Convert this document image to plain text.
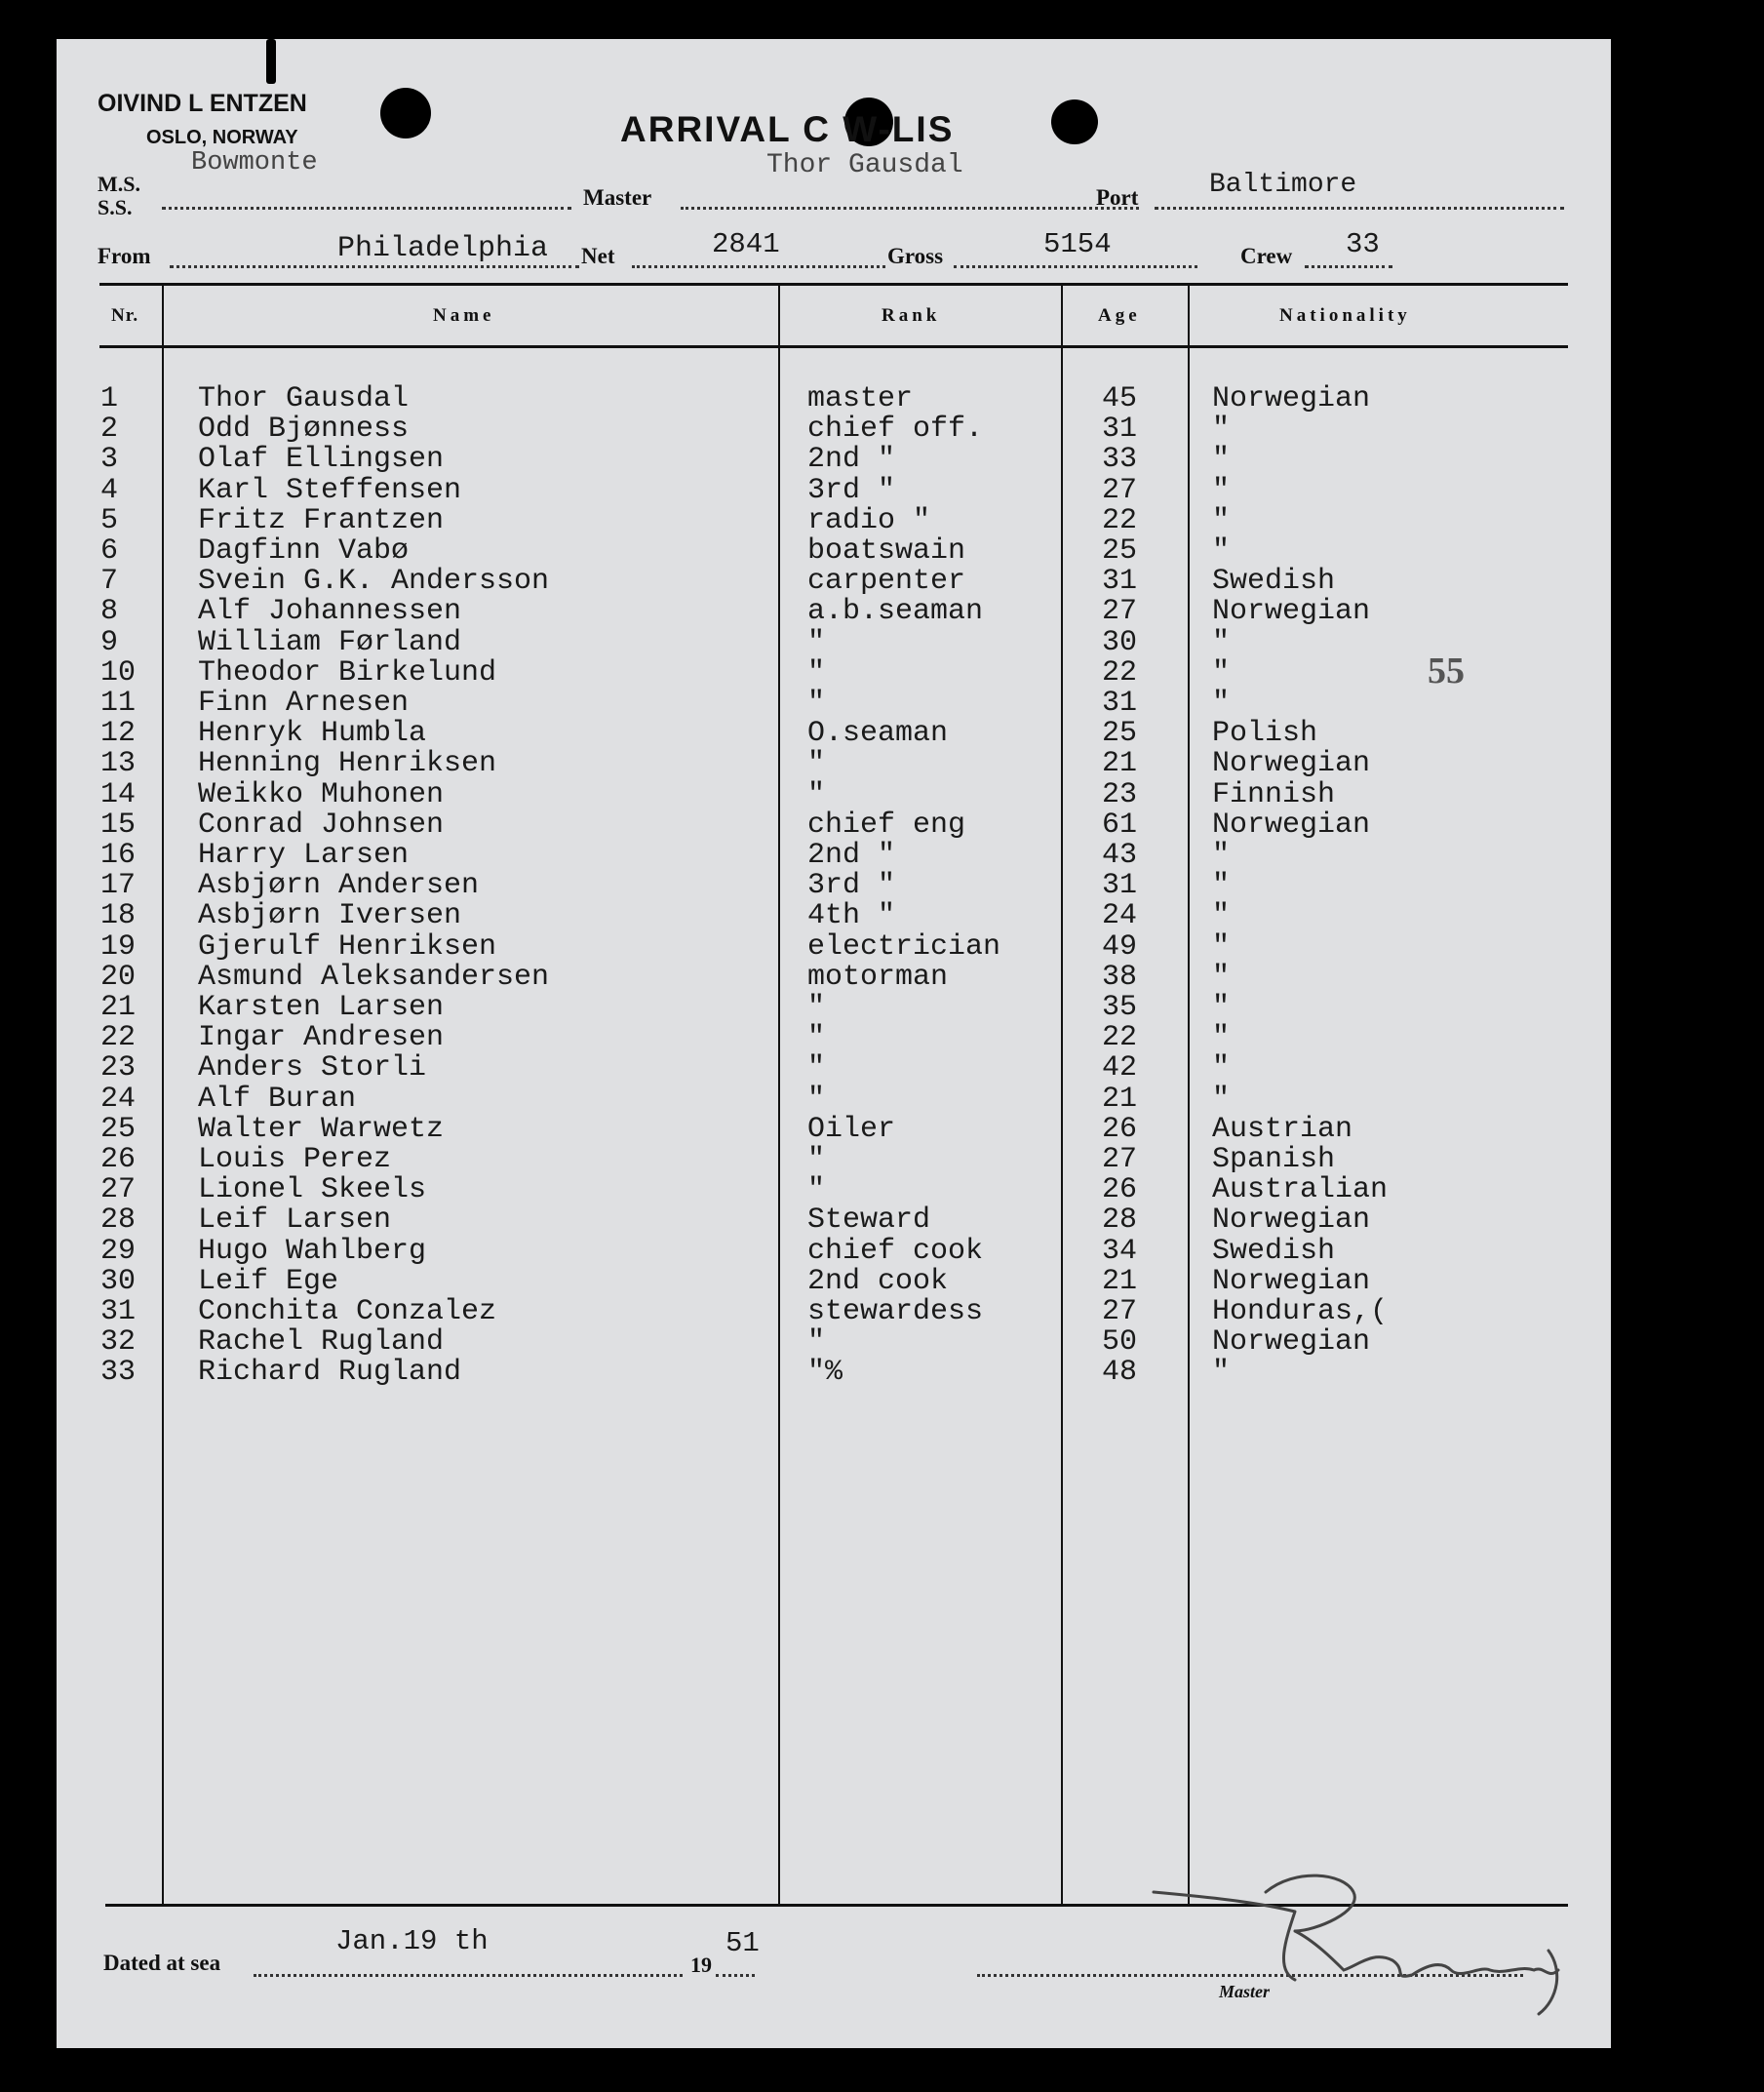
OIVIND L ENTZEN
OSLO, NORWAY	ARRIVAL C W-LIS
M.S.
S.S.
Bowmonte
Master
Thor Gausdal
Port	Baltimore
From	Philadelphia Net	2841	Gross	5154	Crew 33
Nr.	Name	Rank	Age	Nationality
1	Thor Gausdal	master	45	Norwegian
2	Odd Bjønness	chief off.	31	"
3	Olaf Ellingsen	2nd "	33	"
4	Karl Steffensen	3rd "	27	"
5	Fritz Frantzen	radio "	22	"
6	Dagfinn Vabø	boatswain	25	"
7	Svein G.K. Andersson	carpenter	31	Swedish
8	Alf Johannessen	a.b.seaman	27	Norwegian
9	William Førland	"	30	"
10 Theodor Birkelund	"	22	"
11 Finn Arnesen	"	31	"
12 Henryk Humbla	O.seaman	25	Polish
13 Henning Henriksen	"	21	Norwegian
14 Weikko Muhonen	"	23	Finnish
15 Conrad Johnsen	chief eng	61	Norwegian
16 Harry Larsen	2nd "	43	"
17 Asbjørn Andersen	3rd "	31	"
18 Asbjørn Iversen	4th "	24	"
19 Gjerulf Henriksen	electrician	49	"
20 Asmund Aleksandersen	motorman	38	"
21 Karsten Larsen	"	35	"
22 Ingar Andresen	"	22	"
23 Anders Storli	"	42	"
24 Alf Buran	"	21	"
25 Walter Warwetz	Oiler	26	Austrian
26 Louis Perez	"	27	Spanish
27 Lionel Skeels	"	26	Australian
28 Leif Larsen	Steward	28	Norwegian
29 Hugo Wahlberg	chief cook	34	Swedish
30 Leif Ege	2nd cook	21	Norwegian
31 Conchita Conzalez	stewardess	27	Honduras,(
32 Rachel Rugland	"	50	Norwegian
33 Richard Rugland	"%	48	"
55
Dated at sea
Jan.19 th
19
51
Master
